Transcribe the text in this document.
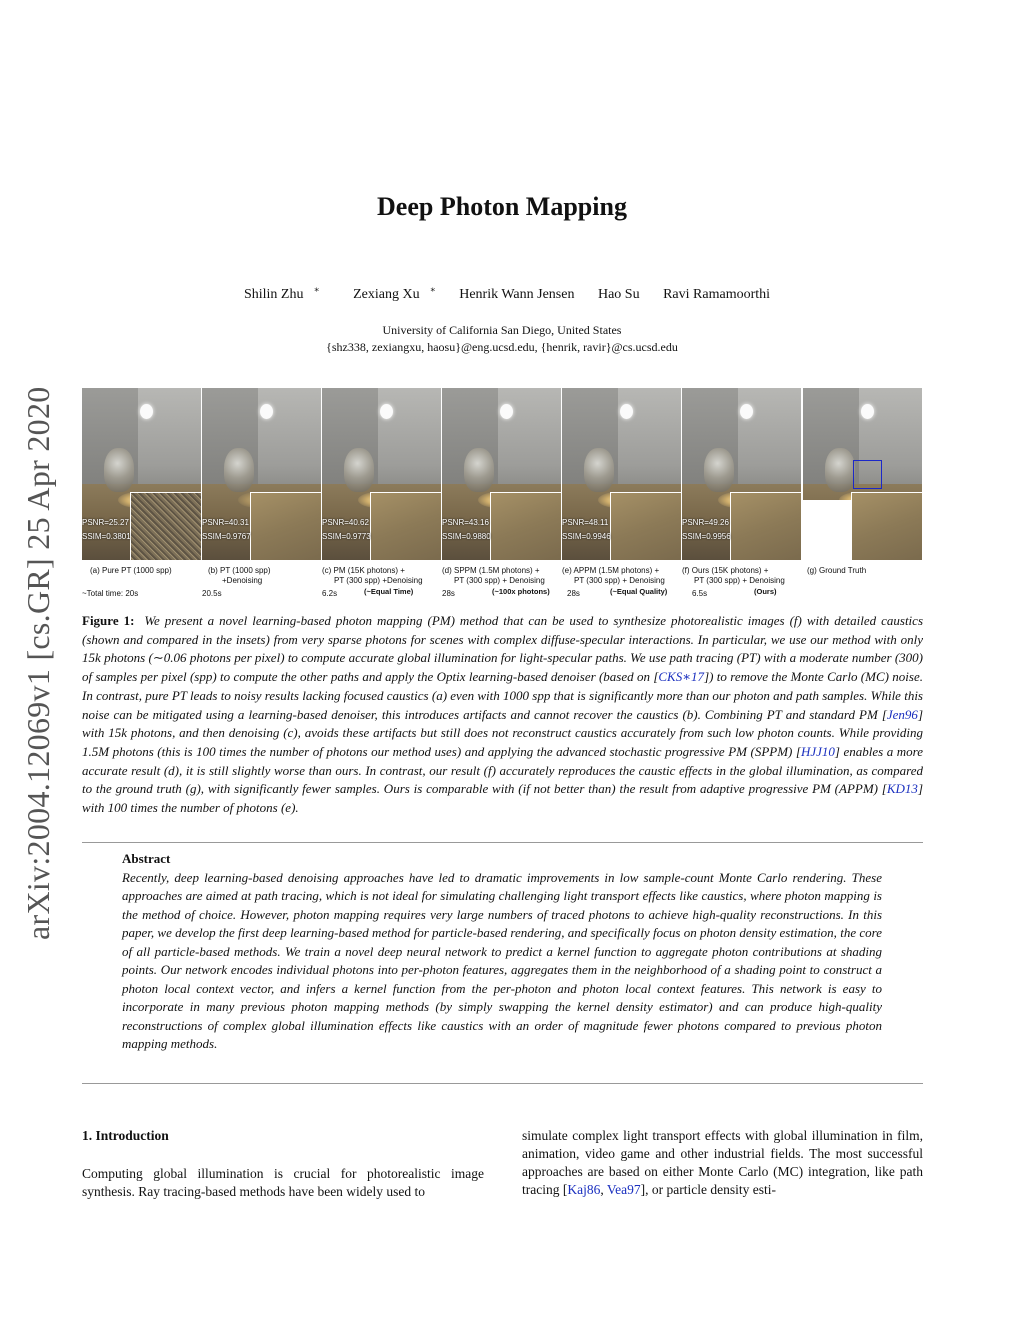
arXiv:2004.12069v1 [cs.GR] 25 Apr 2020
Deep Photon Mapping
Shilin Zhu ∗ Zexiang Xu ∗ Henrik Wann Jensen Hao Su Ravi Ramamoorthi
University of California San Diego, United States
{shz338, zexiangxu, haosu}@eng.ucsd.edu, {henrik, ravir}@cs.ucsd.edu
PSNR=25.27
SSIM=0.3801
(a) Pure PT (1000 spp)
~Total time: 20s
PSNR=40.31
SSIM=0.9767
(b) PT (1000 spp)
+Denoising
20.5s
PSNR=40.62
SSIM=0.9773
(c) PM (15K photons) +
PT (300 spp) +Denoising
6.2s	(~Equal Time)
PSNR=43.16
SSIM=0.9880
(d) SPPM (1.5M photons) +
PT (300 spp) + Denoising
28s	(~100x photons)
PSNR=48.11
SSIM=0.9946
(e) APPM (1.5M photons) +
PT (300 spp) + Denoising
28s	(~Equal Quality)
PSNR=49.26
SSIM=0.9956
(f) Ours (15K photons) +
PT (300 spp) + Denoising
6.5s	(Ours)
(g) Ground Truth
Figure 1: We present a novel learning-based photon mapping (PM) method that can be used to synthesize photorealistic images (f) with detailed caustics (shown and compared in the insets) from very sparse photons for scenes with complex diffuse-specular interactions. In particular, we use our method with only 15k photons (∼0.06 photons per pixel) to compute accurate global illumination for light-specular paths. We use path tracing (PT) with a moderate number (300) of samples per pixel (spp) to compute the other paths and apply the Optix learning-based denoiser (based on [CKS∗17]) to remove the Monte Carlo (MC) noise. In contrast, pure PT leads to noisy results lacking focused caustics (a) even with 1000 spp that is significantly more than our photon and path samples. While this noise can be mitigated using a learning-based denoiser, this introduces artifacts and cannot recover the caustics (b). Combining PT and standard PM [Jen96] with 15k photons, and then denoising (c), avoids these artifacts but still does not reconstruct caustics accurately from such low photon counts. While providing 1.5M photons (this is 100 times the number of photons our method uses) and applying the advanced stochastic progressive PM (SPPM) [HJJ10] enables a more accurate result (d), it is still slightly worse than ours. In contrast, our result (f) accurately reproduces the caustic effects in the global illumination, as compared to the ground truth (g), with significantly fewer samples. Ours is comparable with (if not better than) the result from adaptive progressive PM (APPM) [KD13] with 100 times the number of photons (e).
Abstract
Recently, deep learning-based denoising approaches have led to dramatic improvements in low sample-count Monte Carlo rendering. These approaches are aimed at path tracing, which is not ideal for simulating challenging light transport effects like caustics, where photon mapping is the method of choice. However, photon mapping requires very large numbers of traced photons to achieve high-quality reconstructions. In this paper, we develop the first deep learning-based method for particle-based rendering, and specifically focus on photon density estimation, the core of all particle-based methods. We train a novel deep neural network to predict a kernel function to aggregate photon contributions at shading points. Our network encodes individual photons into per-photon features, aggregates them in the neighborhood of a shading point to construct a photon local context vector, and infers a kernel function from the per-photon and photon local context features. This network is easy to incorporate in many previous photon mapping methods (by simply swapping the kernel density estimator) and can produce high-quality reconstructions of complex global illumination effects like caustics with an order of magnitude fewer photons compared to previous photon mapping methods.
1. Introduction
Computing global illumination is crucial for photorealistic image synthesis. Ray tracing-based methods have been widely used to
simulate complex light transport effects with global illumination in film, animation, video game and other industrial fields. The most successful approaches are based on either Monte Carlo (MC) integration, like path tracing [Kaj86, Vea97], or particle density esti-
